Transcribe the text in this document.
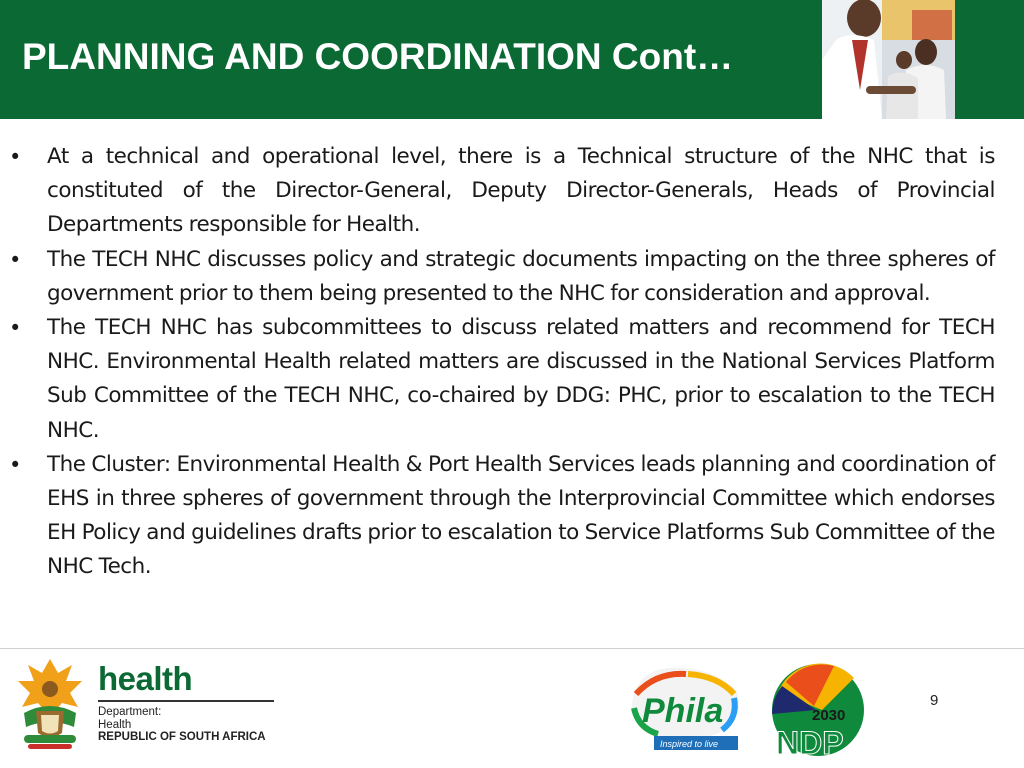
PLANNING AND COORDINATION Cont…
•	At a technical and operational level, there is a Technical structure of the NHC that is constituted of the Director-General, Deputy Director-Generals, Heads of Provincial Departments responsible for Health.
•	The TECH NHC discusses policy and strategic documents impacting on the three spheres of government prior to them being presented to the NHC for consideration and approval.
•	The TECH NHC has subcommittees to discuss related matters and recommend for TECH NHC. Environmental Health related matters are discussed in the National Services Platform Sub Committee of the TECH NHC, co-chaired by DDG: PHC, prior to escalation to the TECH NHC.
•	The Cluster: Environmental Health & Port Health Services leads planning and coordination of EHS in three spheres of government through the Interprovincial Committee which endorses EH Policy and guidelines drafts prior to escalation to Service Platforms Sub Committee of the NHC Tech.
health
Department:
Health
REPUBLIC OF SOUTH AFRICA
Phila
Inspired to live
2030
NDP
9
